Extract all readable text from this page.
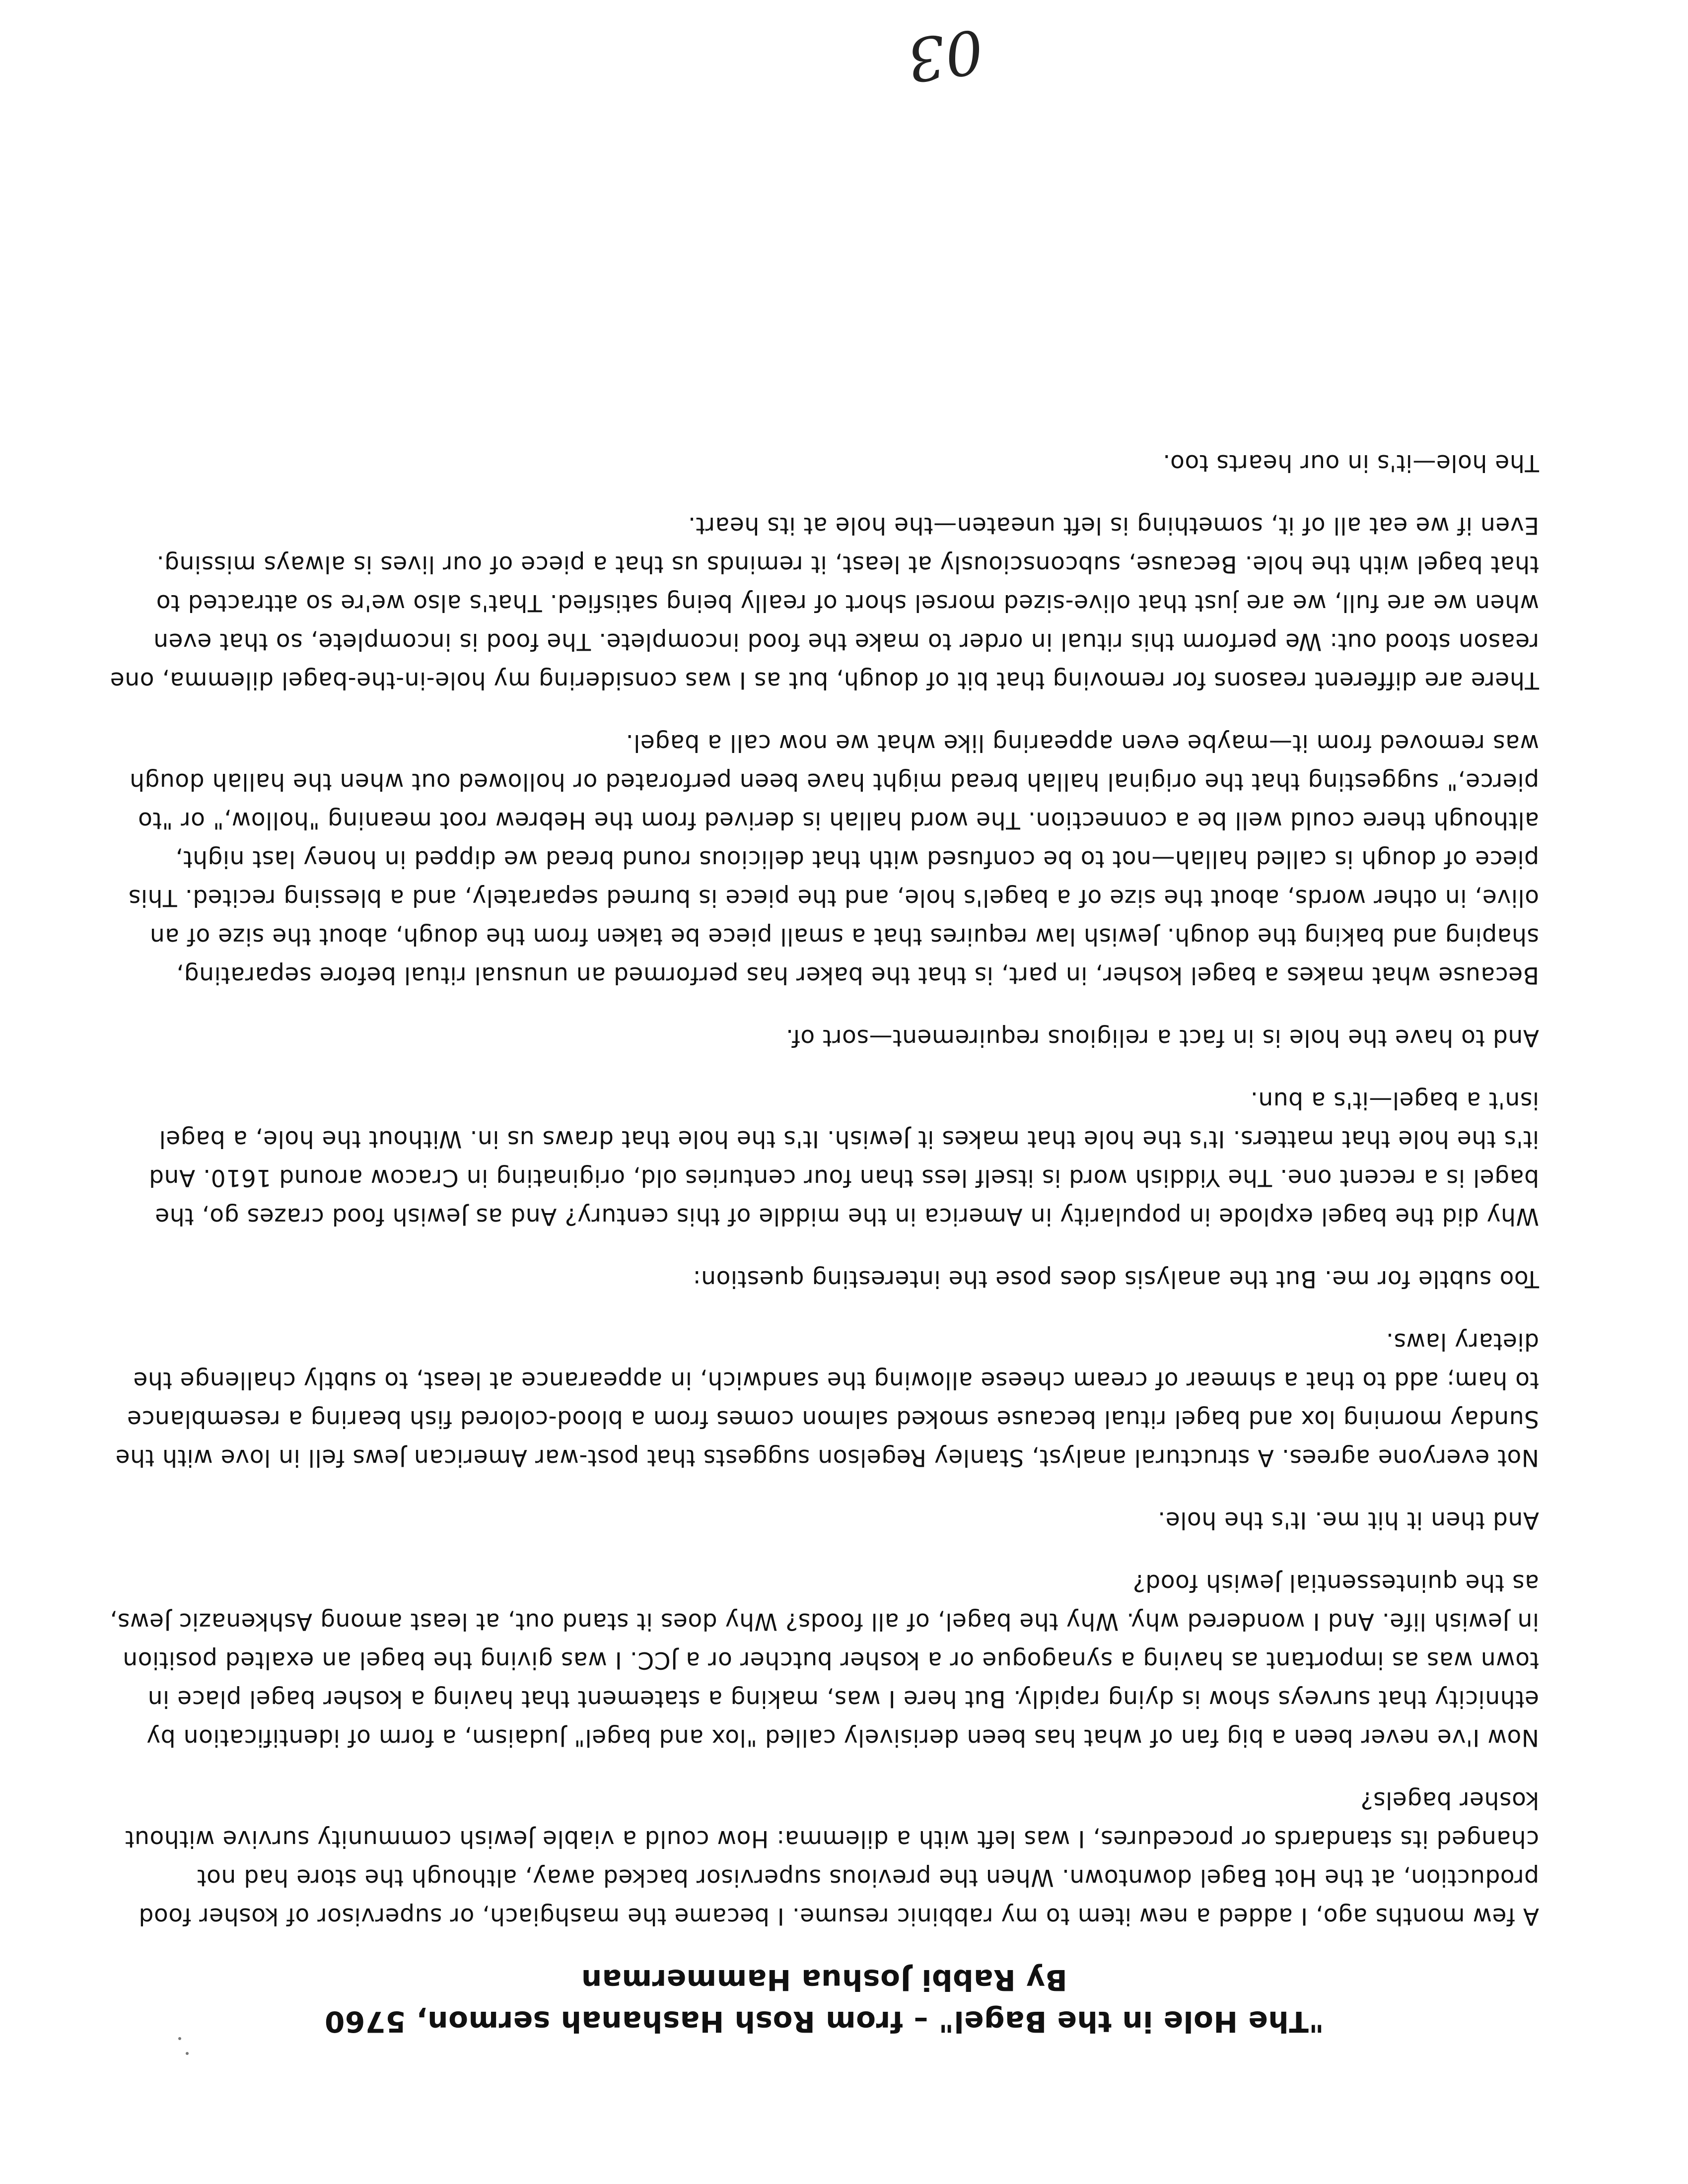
"The Hole in the Bagel" – from Rosh Hashanah sermon, 5760

By Rabbi Joshua Hammerman

A few months ago, I added a new item to my rabbinic resume. I became the mashgiach, or supervisor of kosher food production, at the Hot Bagel downtown. When the previous supervisor backed away, although the store had not changed its standards or procedures, I was left with a dilemma: How could a viable Jewish community survive without kosher bagels?

Now I've never been a big fan of what has been derisively called "lox and bagel" Judaism, a form of identification by ethnicity that surveys show is dying rapidly. But here I was, making a statement that having a kosher bagel place in town was as important as having a synagogue or a kosher butcher or a JCC. I was giving the bagel an exalted position in Jewish life. And I wondered why. Why the bagel, of all foods? Why does it stand out, at least among Ashkenazic Jews, as the quintessential Jewish food?

And then it hit me. It's the hole.

Not everyone agrees. A structural analyst, Stanley Regelson suggests that post-war American Jews fell in love with the Sunday morning lox and bagel ritual because smoked salmon comes from a blood-colored fish bearing a resemblance to ham; add to that a shmear of cream cheese allowing the sandwich, in appearance at least, to subtly challenge the dietary laws.

Too subtle for me. But the analysis does pose the interesting question:

Why did the bagel explode in popularity in America in the middle of this century? And as Jewish food crazes go, the bagel is a recent one. The Yiddish word is itself less than four centuries old, originating in Cracow around 1610. And it's the hole that matters. It's the hole that makes it Jewish. It's the hole that draws us in. Without the hole, a bagel isn't a bagel—it's a bun.

And to have the hole is in fact a religious requirement—sort of.

Because what makes a bagel kosher, in part, is that the baker has performed an unusual ritual before separating, shaping and baking the dough. Jewish law requires that a small piece be taken from the dough, about the size of an olive, in other words, about the size of a bagel's hole, and the piece is burned separately, and a blessing recited. This piece of dough is called hallah—not to be confused with that delicious round bread we dipped in honey last night, although there could well be a connection. The word hallah is derived from the Hebrew root meaning "hollow," or "to pierce," suggesting that the original hallah bread might have been perforated or hollowed out when the hallah dough was removed from it—maybe even appearing like what we now call a bagel.

There are different reasons for removing that bit of dough, but as I was considering my hole-in-the-bagel dilemma, one reason stood out: We perform this ritual in order to make the food incomplete. The food is incomplete, so that even when we are full, we are just that olive-sized morsel short of really being satisfied. That's also we're so attracted to that bagel with the hole. Because, subconsciously at least, it reminds us that a piece of our lives is always missing. Even if we eat all of it, something is left uneaten—the hole at its heart.

The hole—it's in our hearts too.

03
